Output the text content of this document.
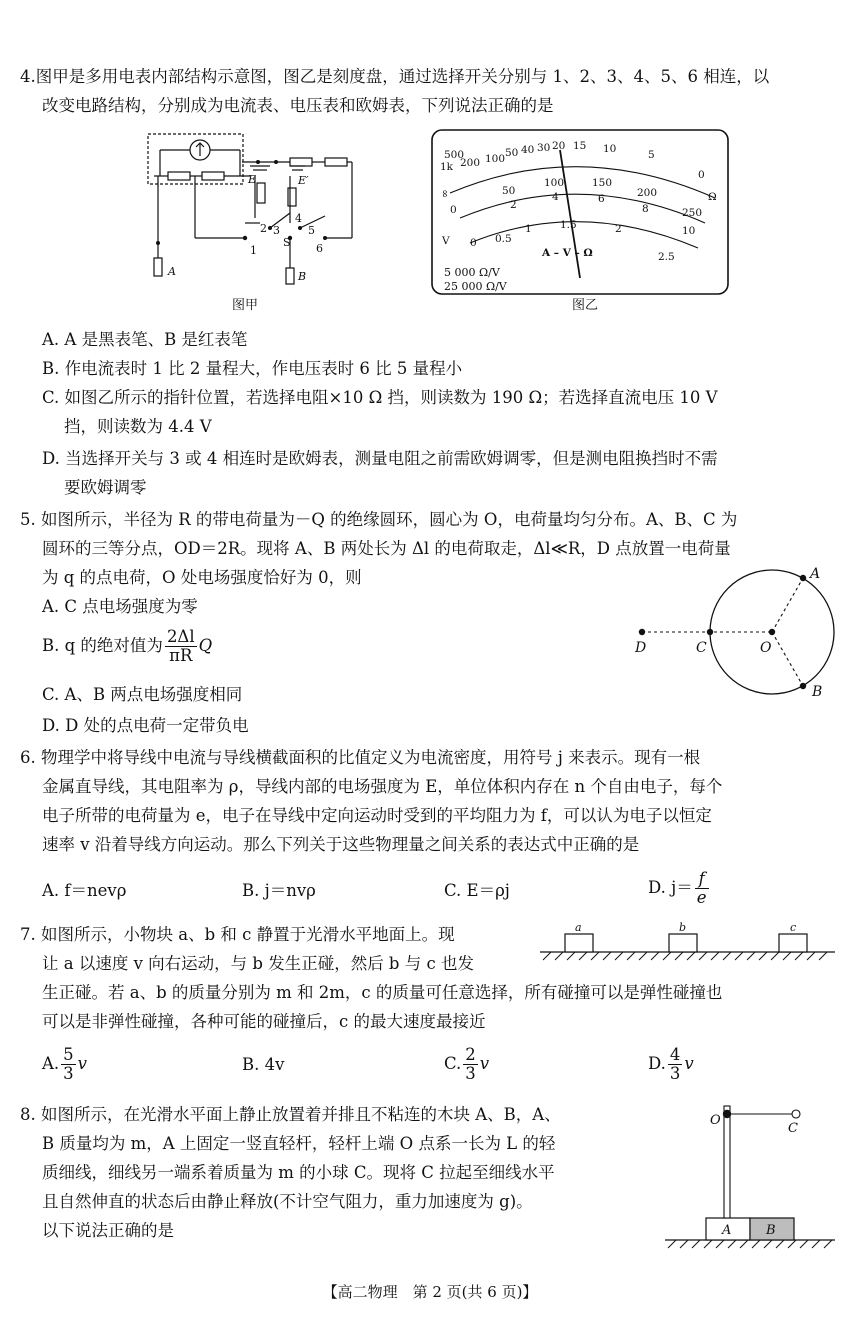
4.图甲是多用电表内部结构示意图，图乙是刻度盘，通过选择开关分别与 1、2、3、4、5、6 相连，以
改变电路结构，分别成为电流表、电压表和欧姆表，下列说法正确的是
1
2 3
4
5
6
S
A	B
E	E′
图甲
500
1k 200 100 50 40 30 20 15 10	5
0
Ω
∞
0
50
100	150
200
250
2
4	6
8
10
0 0.5
1	1.5	2
2.5
V
A – V – Ω
5 000 Ω/V
25 000 Ω/V
图乙
A. A 是黑表笔、B 是红表笔
B. 作电流表时 1 比 2 量程大，作电压表时 6 比 5 量程小
C. 如图乙所示的指针位置，若选择电阻×10 Ω 挡，则读数为 190 Ω；若选择直流电压 10 V
挡，则读数为 4.4 V
D. 当选择开关与 3 或 4 相连时是欧姆表，测量电阻之前需欧姆调零，但是测电阻换挡时不需
要欧姆调零
5. 如图所示，半径为 R 的带电荷量为－Q 的绝缘圆环，圆心为 O，电荷量均匀分布。A、B、C 为
圆环的三等分点，OD＝2R。现将 A、B 两处长为 Δl 的电荷取走，Δl≪R，D 点放置一电荷量
为 q 的点电荷，O 处电场强度恰好为 0，则
A. C 点电场强度为零
B. q 的绝对值为 $\frac{2\Delta l}{\pi R}$ Q
C. A、B 两点电场强度相同
D. D 处的点电荷一定带负电
D	C	O
A
B
6. 物理学中将导线中电流与导线横截面积的比值定义为电流密度，用符号 j 来表示。现有一根
金属直导线，其电阻率为 ρ，导线内部的电场强度为 E，单位体积内存在 n 个自由电子，每个
电子所带的电荷量为 e，电子在导线中定向运动时受到的平均阻力为 f，可以认为电子以恒定
速率 v 沿着导线方向运动。那么下列关于这些物理量之间关系的表达式中正确的是
A. f＝nevρ	B. j＝nvρ	C. E＝ρj	D. $j= \frac{f}{e}$
7. 如图所示，小物块 a、b 和 c 静置于光滑水平地面上。现
让 a 以速度 v 向右运动，与 b 发生正碰，然后 b 与 c 也发
生正碰。若 a、b 的质量分别为 m 和 2m，c 的质量可任意选择，所有碰撞可以是弹性碰撞也
可以是非弹性碰撞，各种可能的碰撞后，c 的最大速度最接近
a	b	c
A. $\frac{5}{3}$ v	B. 4v	C. $\frac{2}{3}$ v	D. $\frac{4}{3}$ v
8. 如图所示，在光滑水平面上静止放置着并排且不粘连的木块 A、B，A、
B 质量均为 m，A 上固定一竖直轻杆，轻杆上端 O 点系一长为 L 的轻
质细线，细线另一端系着质量为 m 的小球 C。现将 C 拉起至细线水平
且自然伸直的状态后由静止释放(不计空气阻力，重力加速度为 g)。
以下说法正确的是
O
C
A	B
【高二物理　第 2 页(共 6 页)】
